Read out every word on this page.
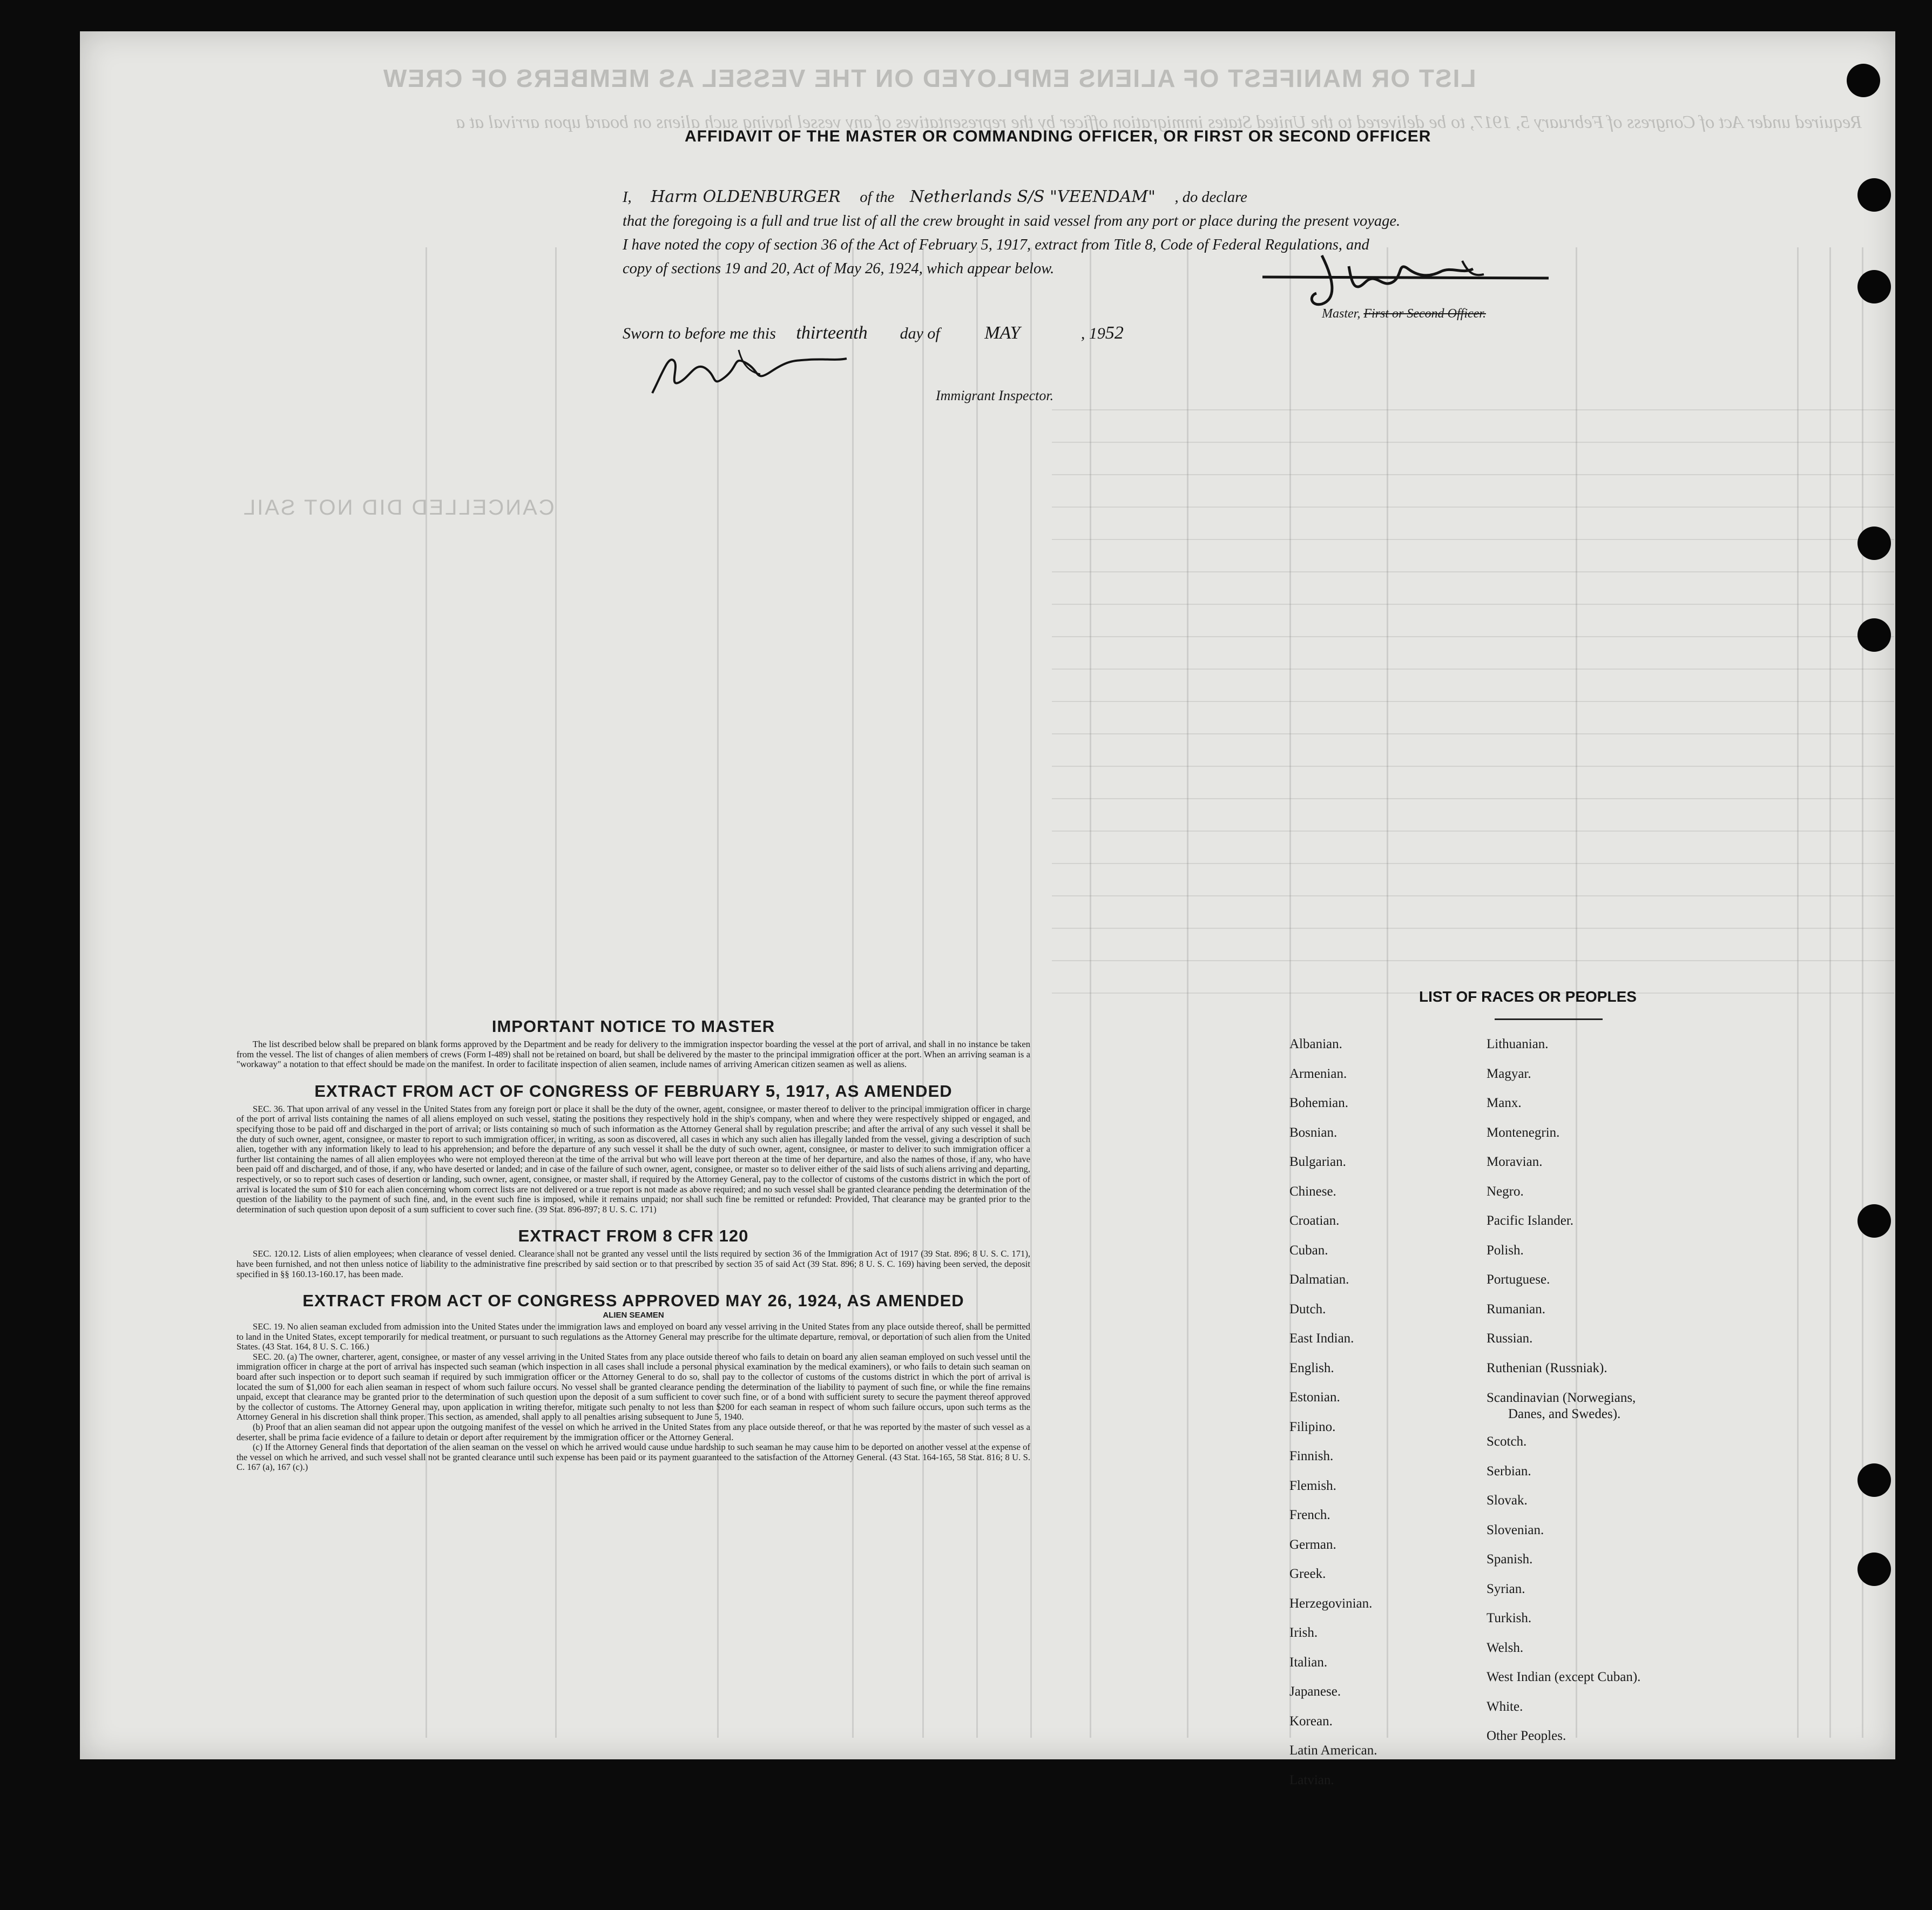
LIST OR MANIFEST OF ALIENS EMPLOYED ON THE VESSEL AS MEMBERS OF CREW
Required under Act of Congress of February 5, 1917, to be delivered to the United States immigration officer by the representatives of any vessel having such aliens on board upon arrival at a
CANCELLED DID NOT SAIL
AFFIDAVIT OF THE MASTER OR COMMANDING OFFICER, OR FIRST OR SECOND OFFICER
I, Harm OLDENBURGER of the Netherlands S/S "VEENDAM" , do declare
that the foregoing is a full and true list of all the crew brought in said vessel from any port or place during the present voyage.
I have noted the copy of section 36 of the Act of February 5, 1917, extract from Title 8, Code of Federal Regulations, and
copy of sections 19 and 20, Act of May 26, 1924, which appear below.
Master, First or Second Officer.
Sworn to before me this thirteenth day of MAY	, 1952
Immigrant Inspector.
IMPORTANT NOTICE TO MASTER

The list described below shall be prepared on blank forms approved by the Department and be ready for delivery to the immigration inspector boarding the vessel at the port of arrival, and shall in no instance be taken from the vessel. The list of changes of alien members of crews (Form I-489) shall not be retained on board, but shall be delivered by the master to the principal immigration officer at the port. When an arriving seaman is a "workaway" a notation to that effect should be made on the manifest. In order to facilitate inspection of alien seamen, include names of arriving American citizen seamen as well as aliens.

EXTRACT FROM ACT OF CONGRESS OF FEBRUARY 5, 1917, AS AMENDED

SEC. 36. That upon arrival of any vessel in the United States from any foreign port or place it shall be the duty of the owner, agent, consignee, or master thereof to deliver to the principal immigration officer in charge of the port of arrival lists containing the names of all aliens employed on such vessel, stating the positions they respectively hold in the ship's company, when and where they were respectively shipped or engaged, and specifying those to be paid off and discharged in the port of arrival; or lists containing so much of such information as the Attorney General shall by regulation prescribe; and after the arrival of any such vessel it shall be the duty of such owner, agent, consignee, or master to report to such immigration officer, in writing, as soon as discovered, all cases in which any such alien has illegally landed from the vessel, giving a description of such alien, together with any information likely to lead to his apprehension; and before the departure of any such vessel it shall be the duty of such owner, agent, consignee, or master to deliver to such immigration officer a further list containing the names of all alien employees who were not employed thereon at the time of the arrival but who will leave port thereon at the time of her departure, and also the names of those, if any, who have been paid off and discharged, and of those, if any, who have deserted or landed; and in case of the failure of such owner, agent, consignee, or master so to deliver either of the said lists of such aliens arriving and departing, respectively, or so to report such cases of desertion or landing, such owner, agent, consignee, or master shall, if required by the Attorney General, pay to the collector of customs of the customs district in which the port of arrival is located the sum of $10 for each alien concerning whom correct lists are not delivered or a true report is not made as above required; and no such vessel shall be granted clearance pending the determination of the question of the liability to the payment of such fine, and, in the event such fine is imposed, while it remains unpaid; nor shall such fine be remitted or refunded: Provided, That clearance may be granted prior to the determination of such question upon deposit of a sum sufficient to cover such fine. (39 Stat. 896-897; 8 U. S. C. 171)

EXTRACT FROM 8 CFR 120

SEC. 120.12. Lists of alien employees; when clearance of vessel denied. Clearance shall not be granted any vessel until the lists required by section 36 of the Immigration Act of 1917 (39 Stat. 896; 8 U. S. C. 171), have been furnished, and not then unless notice of liability to the administrative fine prescribed by said section or to that prescribed by section 35 of said Act (39 Stat. 896; 8 U. S. C. 169) having been served, the deposit specified in §§ 160.13-160.17, has been made.

EXTRACT FROM ACT OF CONGRESS APPROVED MAY 26, 1924, AS AMENDED
ALIEN SEAMEN

SEC. 19. No alien seaman excluded from admission into the United States under the immigration laws and employed on board any vessel arriving in the United States from any place outside thereof, shall be permitted to land in the United States, except temporarily for medical treatment, or pursuant to such regulations as the Attorney General may prescribe for the ultimate departure, removal, or deportation of such alien from the United States. (43 Stat. 164, 8 U. S. C. 166.)

SEC. 20. (a) The owner, charterer, agent, consignee, or master of any vessel arriving in the United States from any place outside thereof who fails to detain on board any alien seaman employed on such vessel until the immigration officer in charge at the port of arrival has inspected such seaman (which inspection in all cases shall include a personal physical examination by the medical examiners), or who fails to detain such seaman on board after such inspection or to deport such seaman if required by such immigration officer or the Attorney General to do so, shall pay to the collector of customs of the customs district in which the port of arrival is located the sum of $1,000 for each alien seaman in respect of whom such failure occurs. No vessel shall be granted clearance pending the determination of the liability to payment of such fine, or while the fine remains unpaid, except that clearance may be granted prior to the determination of such question upon the deposit of a sum sufficient to cover such fine, or of a bond with sufficient surety to secure the payment thereof approved by the collector of customs. The Attorney General may, upon application in writing therefor, mitigate such penalty to not less than $200 for each seaman in respect of whom such failure occurs, upon such terms as the Attorney General in his discretion shall think proper. This section, as amended, shall apply to all penalties arising subsequent to June 5, 1940.

(b) Proof that an alien seaman did not appear upon the outgoing manifest of the vessel on which he arrived in the United States from any place outside thereof, or that he was reported by the master of such vessel as a deserter, shall be prima facie evidence of a failure to detain or deport after requirement by the immigration officer or the Attorney General.

(c) If the Attorney General finds that deportation of the alien seaman on the vessel on which he arrived would cause undue hardship to such seaman he may cause him to be deported on another vessel at the expense of the vessel on which he arrived, and such vessel shall not be granted clearance until such expense has been paid or its payment guaranteed to the satisfaction of the Attorney General. (43 Stat. 164-165, 58 Stat. 816; 8 U. S. C. 167 (a), 167 (c).)

LIST OF RACES OR PEOPLES
Albanian.
Armenian.
Bohemian.
Bosnian.
Bulgarian.
Chinese.
Croatian.
Cuban.
Dalmatian.
Dutch.
East Indian.
English.
Estonian.
Filipino.
Finnish.
Flemish.
French.
German.
Greek.
Herzegovinian.
Irish.
Italian.
Japanese.
Korean.
Latin American.
Latvian.
Lithuanian.
Magyar.
Manx.
Montenegrin.
Moravian.
Negro.
Pacific Islander.
Polish.
Portuguese.
Rumanian.
Russian.
Ruthenian (Russniak).
Scandinavian (Norwegians,
Danes, and Swedes).
Scotch.
Serbian.
Slovak.
Slovenian.
Spanish.
Syrian.
Turkish.
Welsh.
West Indian (except Cuban).
White.
Other Peoples.
